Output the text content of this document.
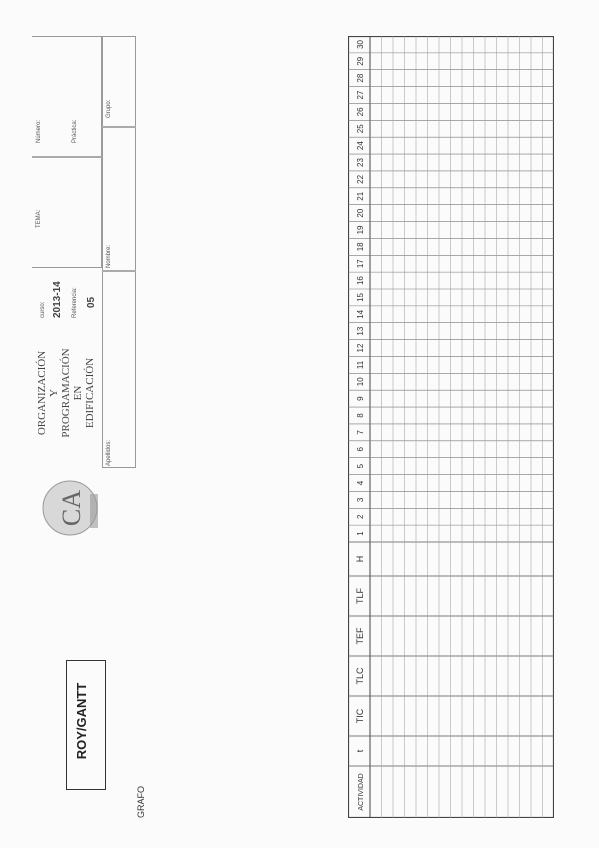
CA
ORGANIZACIÓN Y PROGRAMACIÓN EN EDIFICACIÓN
curso: 2013-14 Referencia: 05
TEMA:
Número:	Práctica:
Grupo:
Apellidos:
Nombre:
ROY/GANTT
GRAFO	ACTIVIDAD
t
TIC
TLC
TEF
TLF
H
1
2
3
4
5
6
7
8
9
10
11
12
13
14
15
16
17
18
19
20
21
22
23
24
25
26
27
28
29
30
